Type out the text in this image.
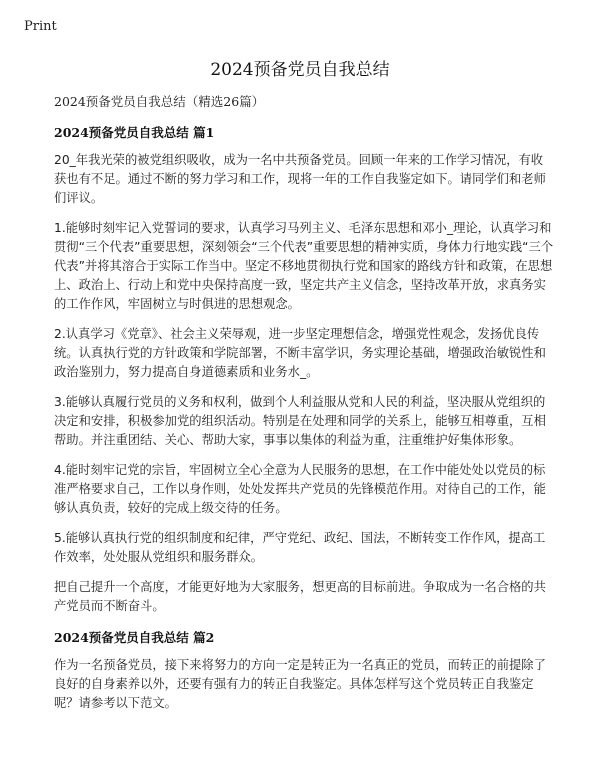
Print
2024预备党员自我总结

2024预备党员自我总结（精选26篇）

2024预备党员自我总结 篇1

20_年我光荣的被党组织吸收，成为一名中共预备党员。回顾一年来的工作学习情况，有收获也有不足。通过不断的努力学习和工作，现将一年的工作自我鉴定如下。请同学们和老师们评议。

1.能够时刻牢记入党誓词的要求，认真学习马列主义、毛泽东思想和邓小_理论，认真学习和贯彻“三个代表”重要思想，深刻领会“三个代表”重要思想的精神实质，身体力行地实践“三个代表”并将其溶合于实际工作当中。坚定不移地贯彻执行党和国家的路线方针和政策，在思想上、政治上、行动上和党中央保持高度一致，坚定共产主义信念，坚持改革开放，求真务实的工作作风，牢固树立与时俱进的思想观念。

2.认真学习《党章》、社会主义荣辱观，进一步坚定理想信念，增强党性观念，发扬优良传统。认真执行党的方针政策和学院部署，不断丰富学识，务实理论基础，增强政治敏锐性和政治鉴别力，努力提高自身道德素质和业务水_。

3.能够认真履行党员的义务和权利，做到个人利益服从党和人民的利益，坚决服从党组织的决定和安排，积极参加党的组织活动。特别是在处理和同学的关系上，能够互相尊重，互相帮助。并注重团结、关心、帮助大家，事事以集体的利益为重，注重维护好集体形象。

4.能时刻牢记党的宗旨，牢固树立全心全意为人民服务的思想，在工作中能处处以党员的标准严格要求自己，工作以身作则，处处发挥共产党员的先锋模范作用。对待自己的工作，能够认真负责，较好的完成上级交待的任务。

5.能够认真执行党的组织制度和纪律，严守党纪、政纪、国法，不断转变工作作风，提高工作效率，处处服从党组织和服务群众。

把自己提升一个高度，才能更好地为大家服务，想更高的目标前进。争取成为一名合格的共产党员而不断奋斗。

2024预备党员自我总结 篇2

作为一名预备党员，接下来将努力的方向一定是转正为一名真正的党员，而转正的前提除了良好的自身素养以外，还要有强有力的转正自我鉴定。具体怎样写这个党员转正自我鉴定呢？请参考以下范文。
